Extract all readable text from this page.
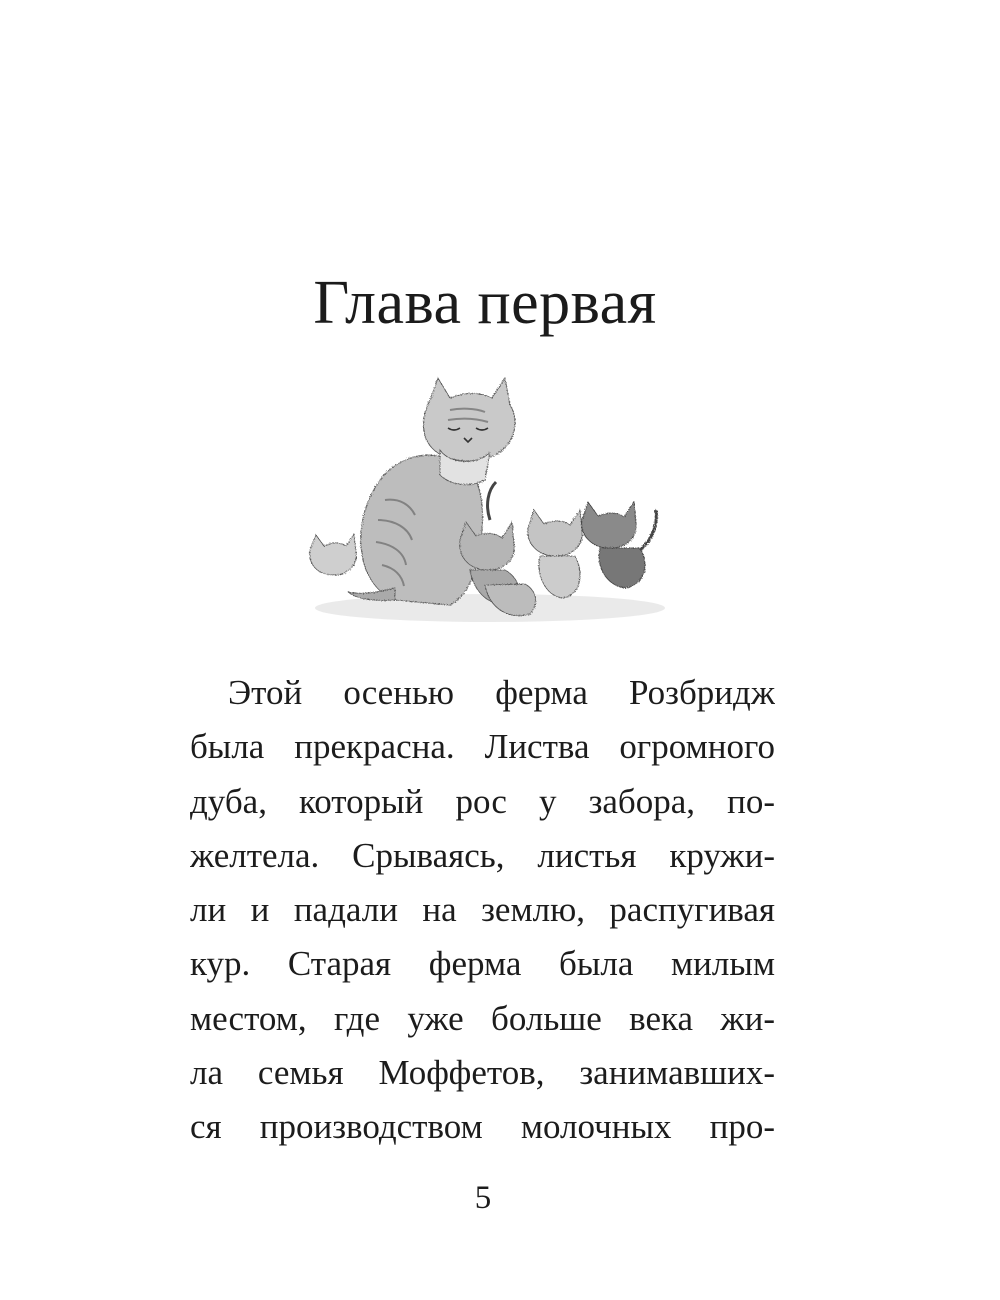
Глава первая
Этой осенью ферма Розбридж
была прекрасна. Листва огромного
дуба, который рос у забора, по-
желтела. Срываясь, листья кружи-
ли и падали на землю, распугивая
кур. Старая ферма была милым
местом, где уже больше века жи-
ла семья Моффетов, занимавших-
ся производством молочных про-
5
